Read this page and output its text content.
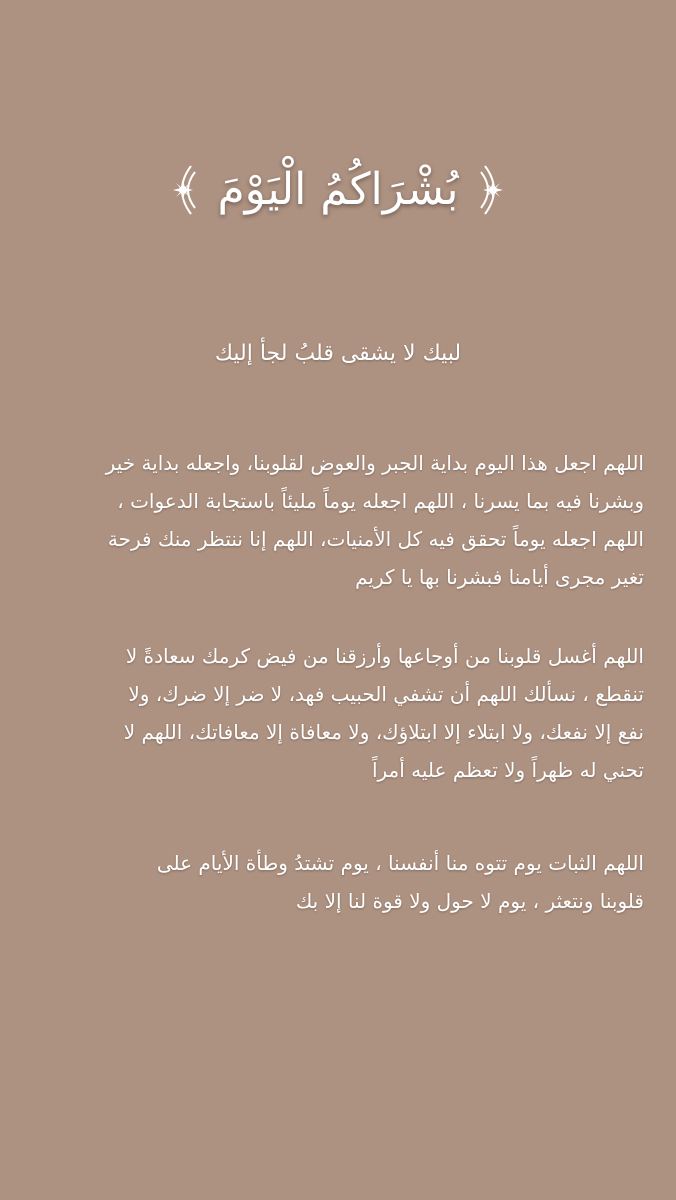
بُشْرَاكُمُ الْيَوْمَ
لبيك لا يشقى قلبُ لجأ إليك
اللهم اجعل هذا اليوم بداية الجبر والعوض لقلوبنا، واجعله بداية خير
وبشرنا فيه بما يسرنا ، اللهم اجعله يوماً مليئاً باستجابة الدعوات ،
اللهم اجعله يوماً تحقق فيه كل الأمنيات، اللهم إنا ننتظر منك فرحة
تغير مجرى أيامنا فبشرنا بها يا كريم
اللهم أغسل قلوبنا من أوجاعها وأرزقنا من فيض كرمك سعادةً لا
تنقطع ، نسألك اللهم أن تشفي الحبيب فهد، لا ضر إلا ضرك، ولا
نفع إلا نفعك، ولا ابتلاء إلا ابتلاؤك، ولا معافاة إلا معافاتك، اللهم لا
تحني له ظهراً ولا تعظم عليه أمراً
اللهم الثبات يوم تتوه منا أنفسنا ، يوم تشتدُ وطأة الأيام على
قلوبنا ونتعثر ، يوم لا حول ولا قوة لنا إلا بك
